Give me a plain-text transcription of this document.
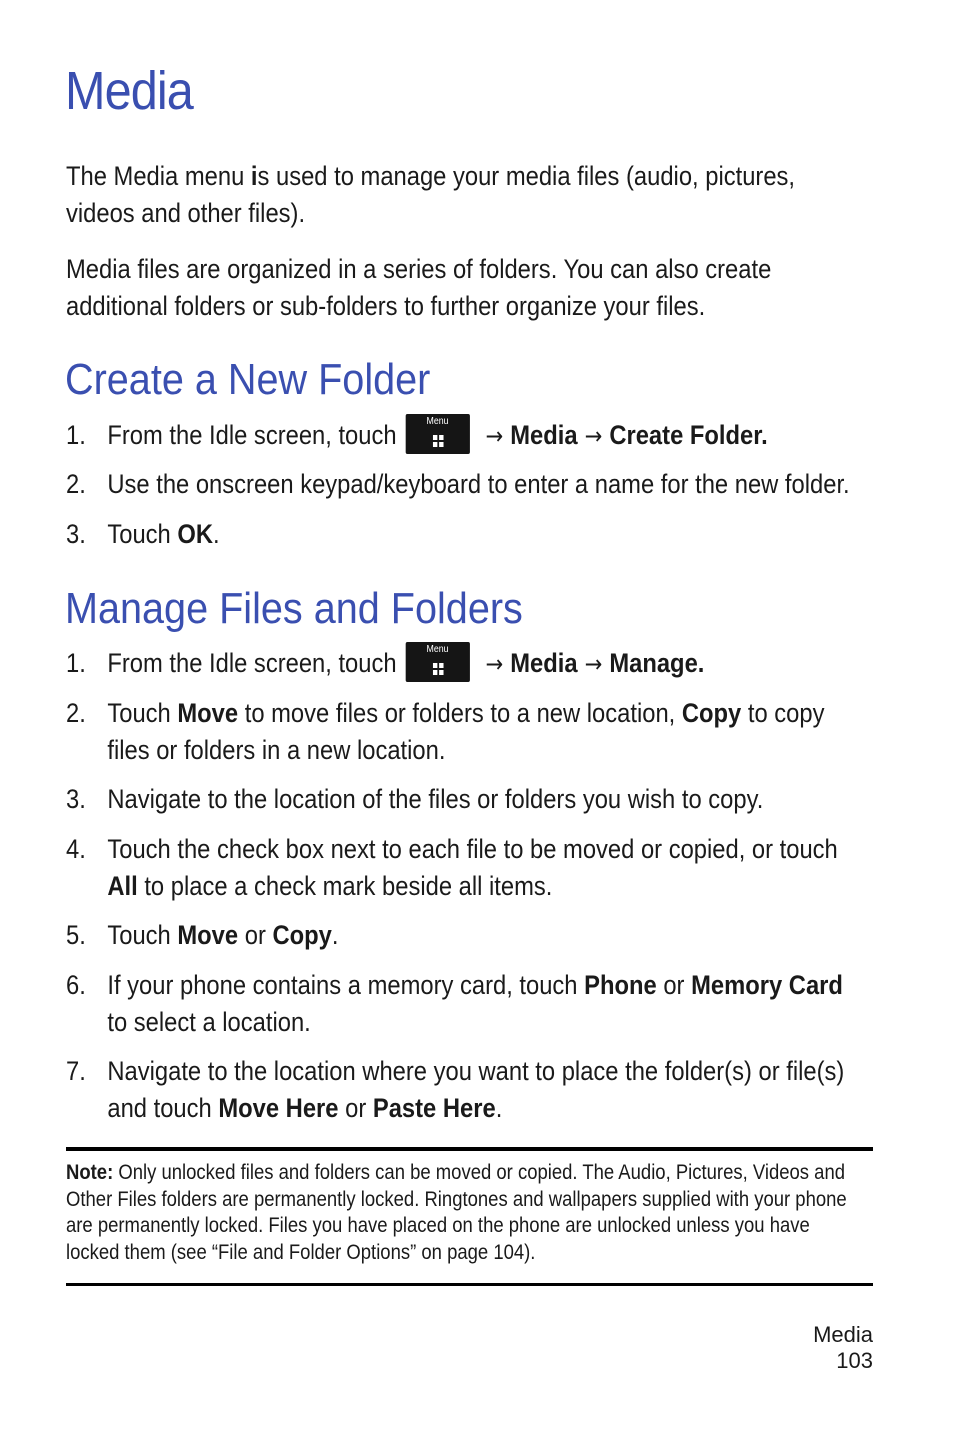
Media

The Media menu is used to manage your media files (audio, pictures,
videos and other files).

Media files are organized in a series of folders. You can also create
additional folders or sub-folders to further organize your files.

Create a New Folder
1. From the Idle screen, touch	Menu
→ Media → Create Folder.
2. Use the onscreen keypad/keyboard to enter a name for the new folder.
3. Touch OK.
Manage Files and Folders
1. From the Idle screen, touch	Menu
→ Media → Manage.
2. Touch Move to move files or folders to a new location, Copy to copy
files or folders in a new location.
3. Navigate to the location of the files or folders you wish to copy.
4. Touch the check box next to each file to be moved or copied, or touch
All to place a check mark beside all items.
5. Touch Move or Copy.
6. If your phone contains a memory card, touch Phone or Memory Card
to select a location.
7. Navigate to the location where you want to place the folder(s) or file(s)
and touch Move Here or Paste Here.

Note: Only unlocked files and folders can be moved or copied. The Audio, Pictures, Videos and Other Files folders are permanently locked. Ringtones and wallpapers supplied with your phone are permanently locked. Files you have placed on the phone are unlocked unless you have locked them (see “File and Folder Options” on page 104).

Media
103
